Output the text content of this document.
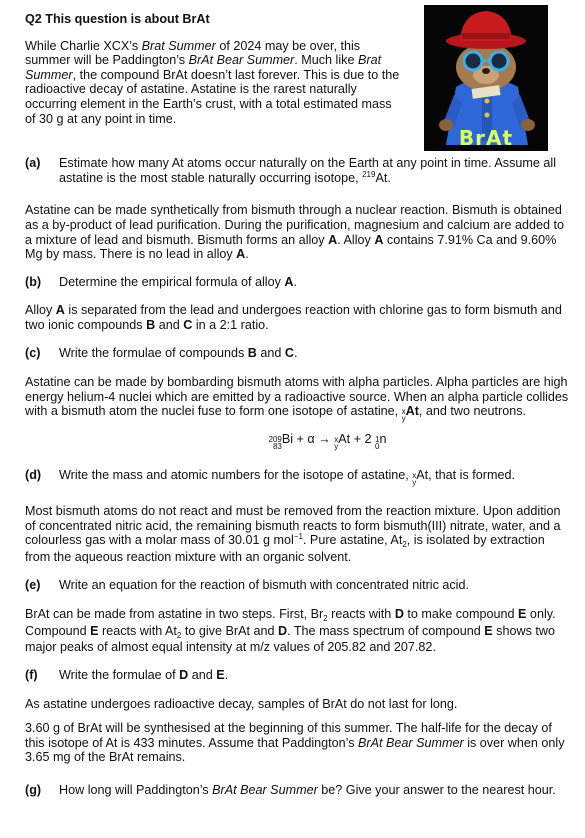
Q2 This question is about BrAt

While Charlie XCX’s Brat Summer of 2024 may be over, this summer will be Paddington’s BrAt Bear Summer. Much like Brat Summer, the compound BrAt doesn’t last forever. This is due to the radioactive decay of astatine. Astatine is the rarest naturally occurring element in the Earth’s crust, with a total estimated mass of 30 g at any point in time.

(a)	Estimate how many At atoms occur naturally on the Earth at any point in time. Assume all astatine is the most stable naturally occurring isotope, $^{219}$At.

Astatine can be made synthetically from bismuth through a nuclear reaction. Bismuth is obtained as a by-product of lead purification. During the purification, magnesium and calcium are added to a mixture of lead and bismuth. Bismuth forms an alloy A. Alloy A contains 7.91% Ca and 9.60% Mg by mass. There is no lead in alloy A.

(b)	Determine the empirical formula of alloy A.

Alloy A is separated from the lead and undergoes reaction with chlorine gas to form bismuth and two ionic compounds B and C in a 2:1 ratio.

(c)	Write the formulae of compounds B and C.

Astatine can be made by bombarding bismuth atoms with alpha particles. Alpha particles are high energy helium-4 nuclei which are emitted by a radioactive source. When an alpha particle collides with a bismuth atom the nuclei fuse to form one isotope of astatine, x
y
At, and two neutrons.

209
83
Bi + α → x
y
At + 2 1
0
n

(d)	Write the mass and atomic numbers for the isotope of astatine, x
y
At, that is formed.

Most bismuth atoms do not react and must be removed from the reaction mixture. Upon addition of concentrated nitric acid, the remaining bismuth reacts to form bismuth(III) nitrate, water, and a colourless gas with a molar mass of 30.01 g mol$^{-1}$. Pure astatine, $At_2$, is isolated by extraction from the aqueous reaction mixture with an organic solvent.

(e)	Write an equation for the reaction of bismuth with concentrated nitric acid.

BrAt can be made from astatine in two steps. First, $Br_2$ reacts with D to make compound E only. Compound E reacts with $At_2$ to give BrAt and D. The mass spectrum of compound E shows two major peaks of almost equal intensity at m/z values of 205.82 and 207.82.

(f)	Write the formulae of D and E.

As astatine undergoes radioactive decay, samples of BrAt do not last for long.

3.60 g of BrAt will be synthesised at the beginning of this summer. The half-life for the decay of this isotope of At is 433 minutes. Assume that Paddington’s BrAt Bear Summer is over when only 3.65 mg of the BrAt remains.

(g)	How long will Paddington’s BrAt Bear Summer be? Give your answer to the nearest hour.
BrAt
